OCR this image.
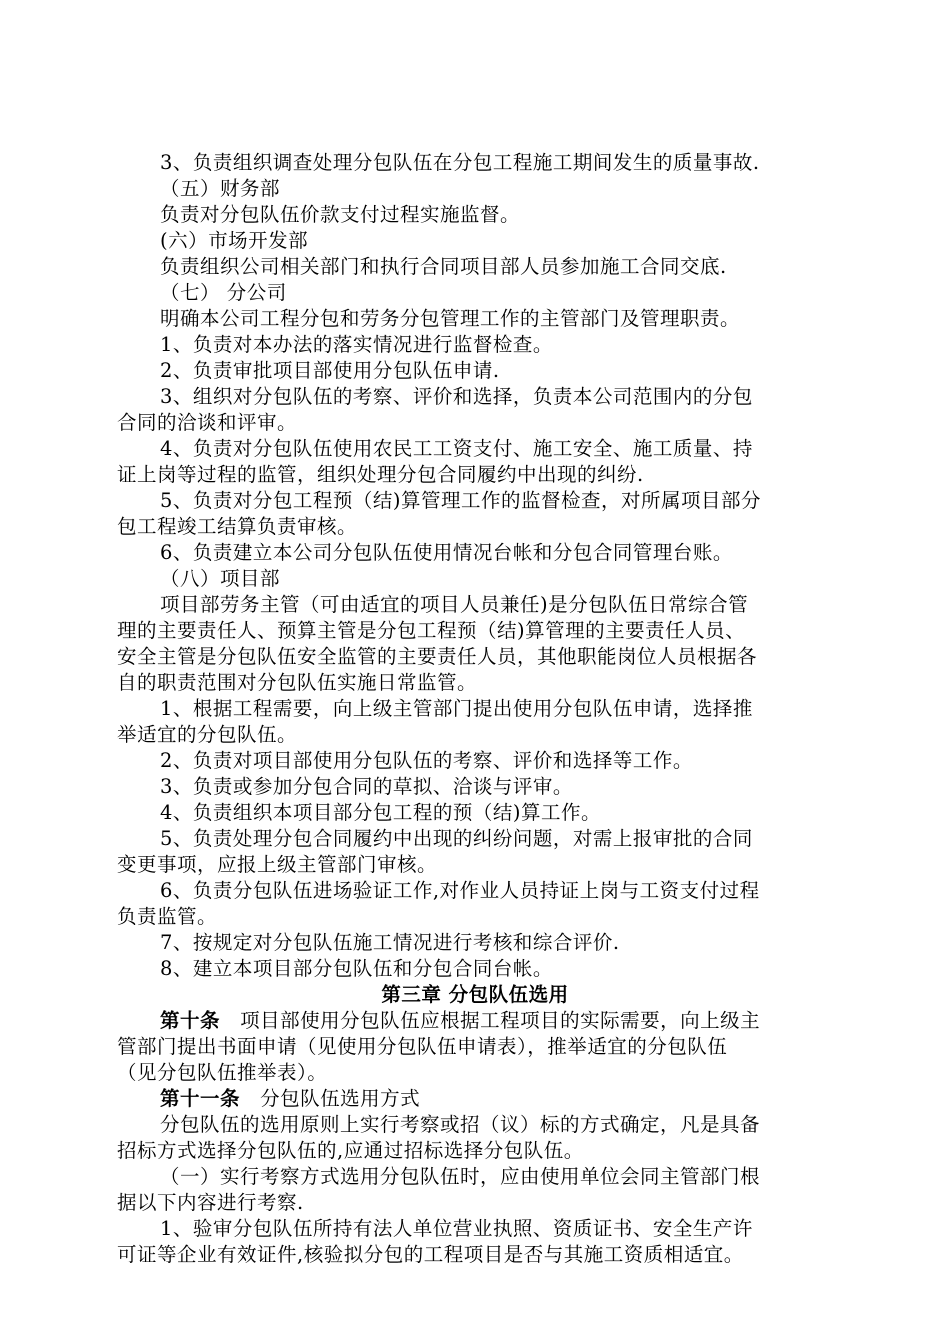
3、负责组织调查处理分包队伍在分包工程施工期间发生的质量事故.
（五）财务部
负责对分包队伍价款支付过程实施监督。
(六）市场开发部
负责组织公司相关部门和执行合同项目部人员参加施工合同交底.
（七） 分公司
明确本公司工程分包和劳务分包管理工作的主管部门及管理职责。
1、负责对本办法的落实情况进行监督检查。
2、负责审批项目部使用分包队伍申请.
3、组织对分包队伍的考察、评价和选择，负责本公司范围内的分包
合同的洽谈和评审。
4、负责对分包队伍使用农民工工资支付、施工安全、施工质量、持
证上岗等过程的监管，组织处理分包合同履约中出现的纠纷.
5、负责对分包工程预（结)算管理工作的监督检查，对所属项目部分
包工程竣工结算负责审核。
6、负责建立本公司分包队伍使用情况台帐和分包合同管理台账。
（八）项目部
项目部劳务主管（可由适宜的项目人员兼任)是分包队伍日常综合管
理的主要责任人、预算主管是分包工程预（结)算管理的主要责任人员、
安全主管是分包队伍安全监管的主要责任人员，其他职能岗位人员根据各
自的职责范围对分包队伍实施日常监管。
1、根据工程需要，向上级主管部门提出使用分包队伍申请，选择推
举适宜的分包队伍。
2、负责对项目部使用分包队伍的考察、评价和选择等工作。
3、负责或参加分包合同的草拟、洽谈与评审。
4、负责组织本项目部分包工程的预（结)算工作。
5、负责处理分包合同履约中出现的纠纷问题，对需上报审批的合同
变更事项，应报上级主管部门审核。
6、负责分包队伍进场验证工作,对作业人员持证上岗与工资支付过程
负责监管。
7、按规定对分包队伍施工情况进行考核和综合评价.
8、建立本项目部分包队伍和分包合同台帐。
第三章 分包队伍选用
第十条 项目部使用分包队伍应根据工程项目的实际需要，向上级主
管部门提出书面申请（见使用分包队伍申请表），推举适宜的分包队伍
（见分包队伍推举表）。
第十一条 分包队伍选用方式
分包队伍的选用原则上实行考察或招（议）标的方式确定，凡是具备
招标方式选择分包队伍的,应通过招标选择分包队伍。
（一）实行考察方式选用分包队伍时，应由使用单位会同主管部门根
据以下内容进行考察.
1、验审分包队伍所持有法人单位营业执照、资质证书、安全生产许
可证等企业有效证件,核验拟分包的工程项目是否与其施工资质相适宜。
